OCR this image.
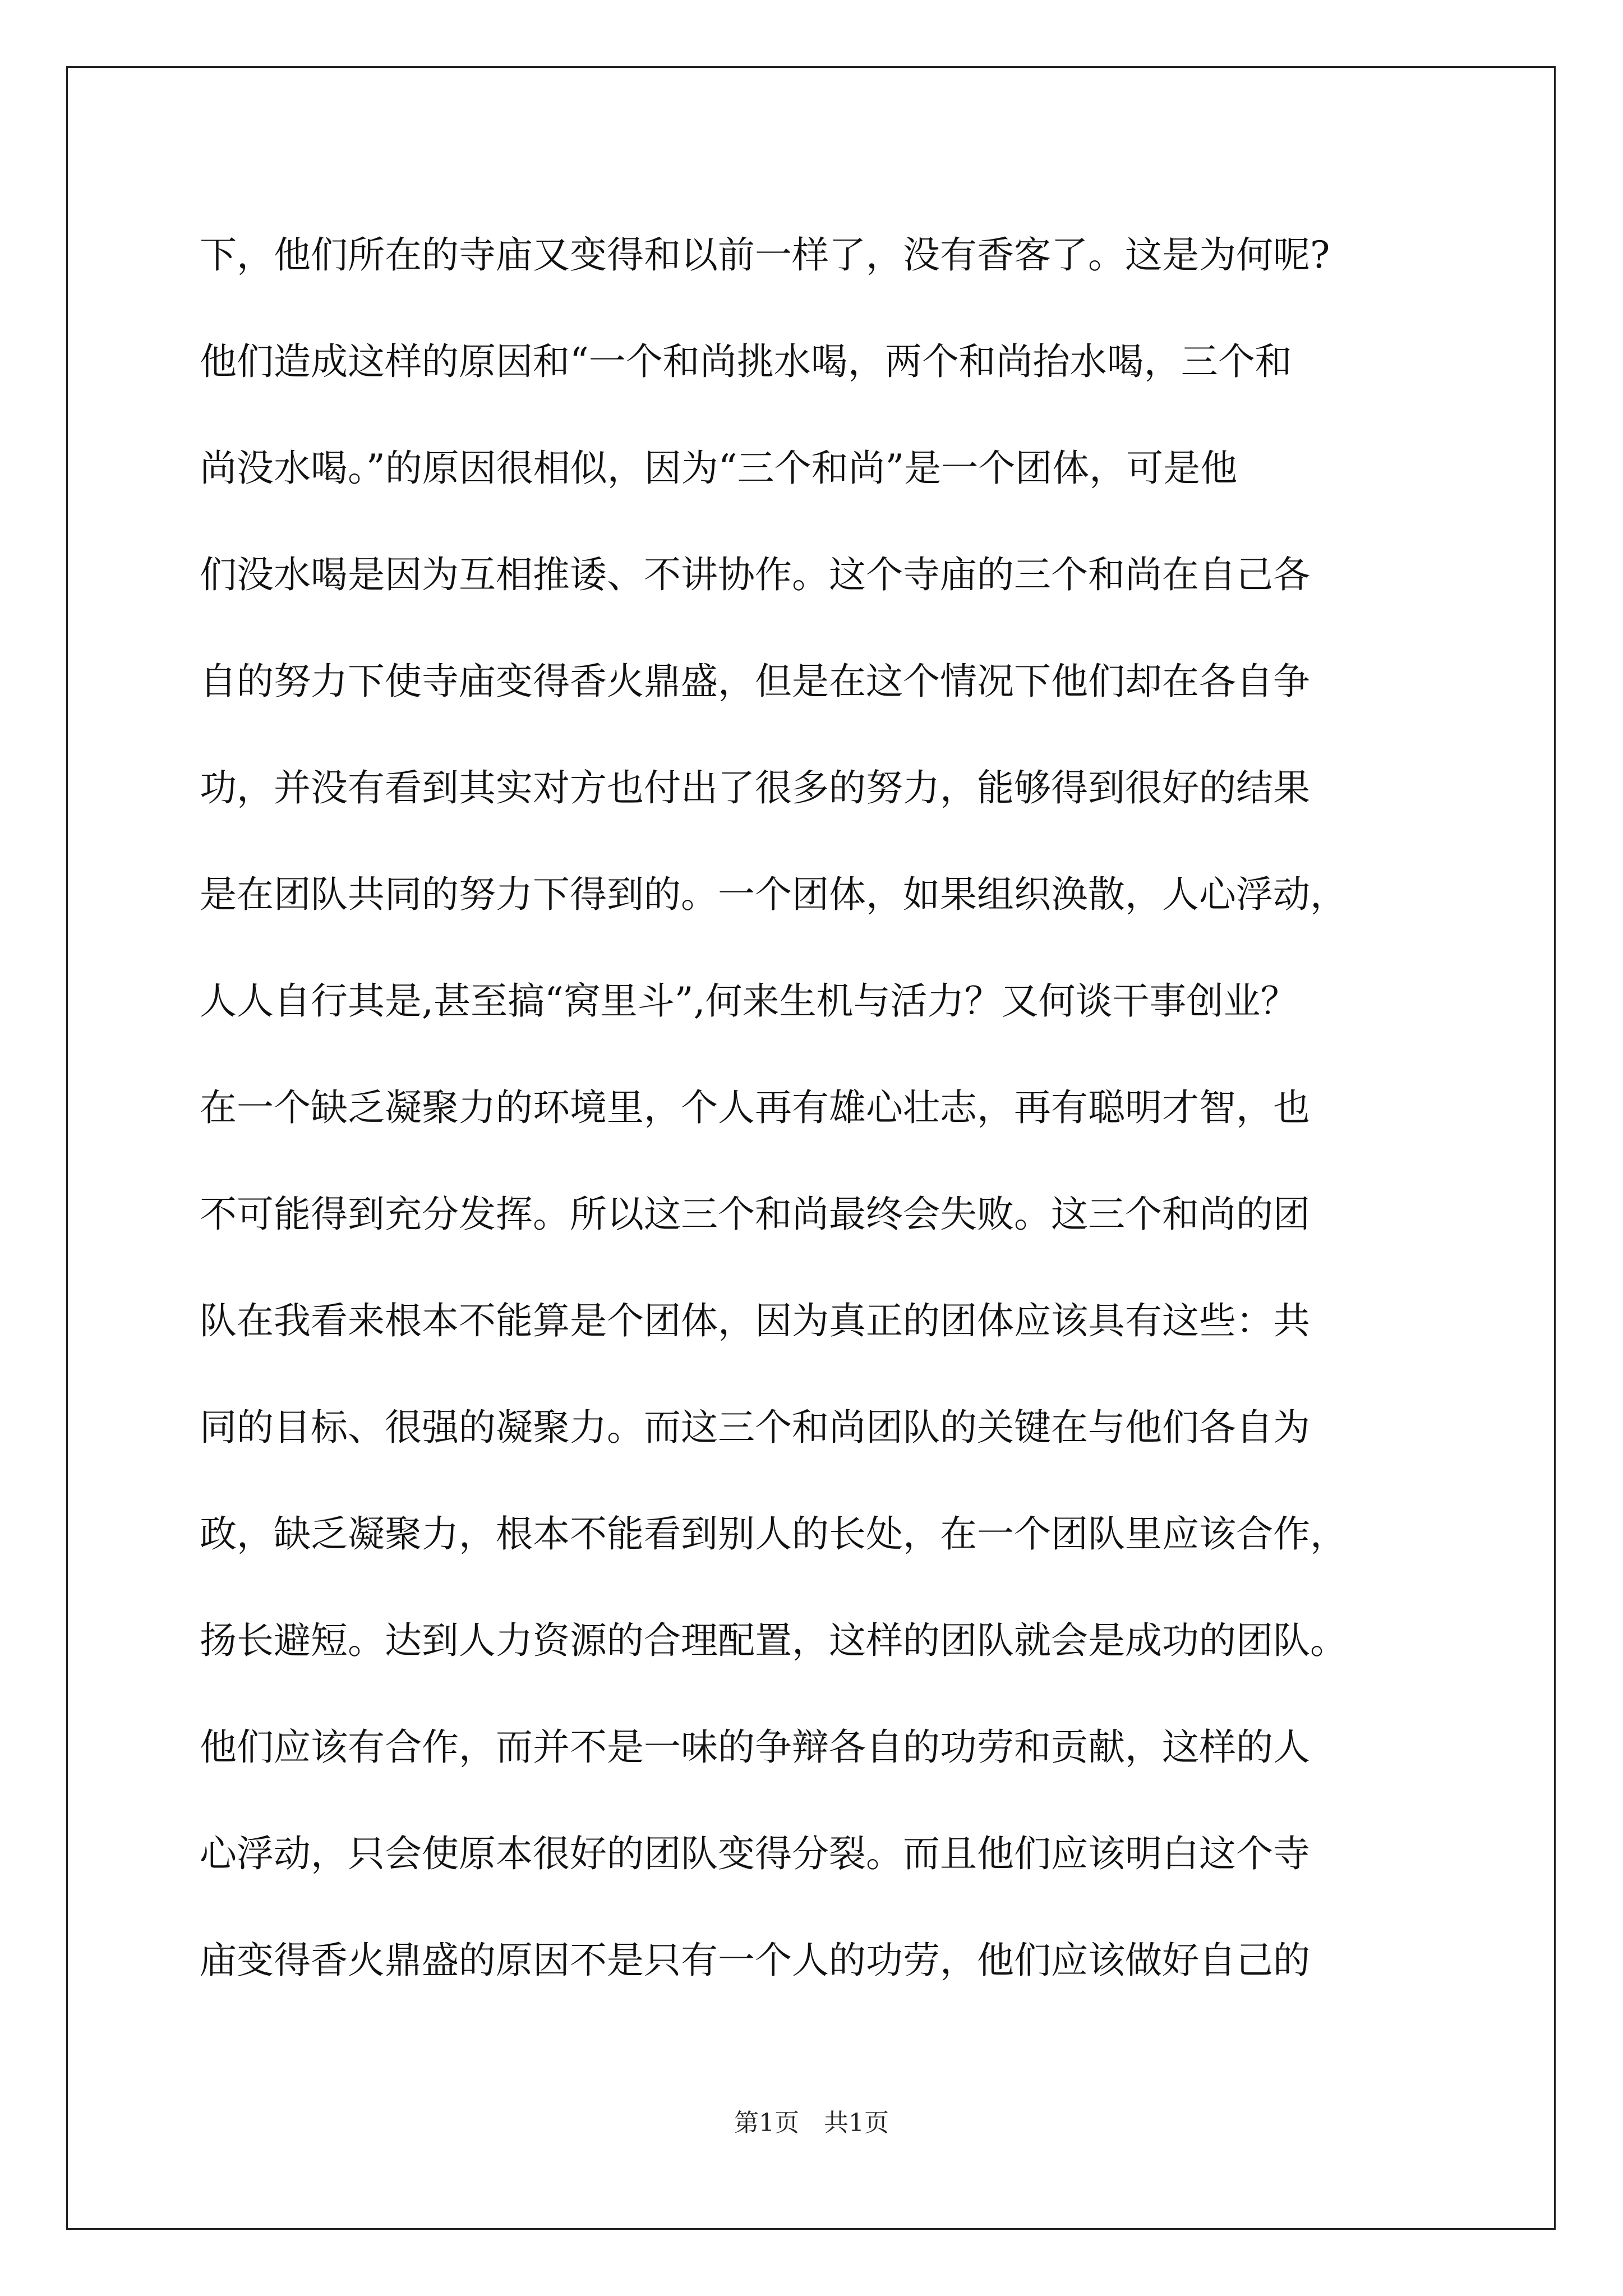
下，他们所在的寺庙又变得和以前一样了，没有香客了。这是为何呢?
他们造成这样的原因和“一个和尚挑水喝，两个和尚抬水喝，三个和
尚没水喝。”的原因很相似，因为“三个和尚”是一个团体，可是他
们没水喝是因为互相推诿、不讲协作。这个寺庙的三个和尚在自己各
自的努力下使寺庙变得香火鼎盛，但是在这个情况下他们却在各自争
功，并没有看到其实对方也付出了很多的努力，能够得到很好的结果
是在团队共同的努力下得到的。一个团体，如果组织涣散，人心浮动，
人人自行其是,甚至搞“窝里斗”,何来生机与活力？又何谈干事创业？
在一个缺乏凝聚力的环境里，个人再有雄心壮志，再有聪明才智，也
不可能得到充分发挥。所以这三个和尚最终会失败。这三个和尚的团
队在我看来根本不能算是个团体，因为真正的团体应该具有这些：共
同的目标、很强的凝聚力。而这三个和尚团队的关键在与他们各自为
政，缺乏凝聚力，根本不能看到别人的长处，在一个团队里应该合作，
扬长避短。达到人力资源的合理配置，这样的团队就会是成功的团队。
他们应该有合作，而并不是一味的争辩各自的功劳和贡献，这样的人
心浮动，只会使原本很好的团队变得分裂。而且他们应该明白这个寺
庙变得香火鼎盛的原因不是只有一个人的功劳，他们应该做好自己的
第1页　共1页
